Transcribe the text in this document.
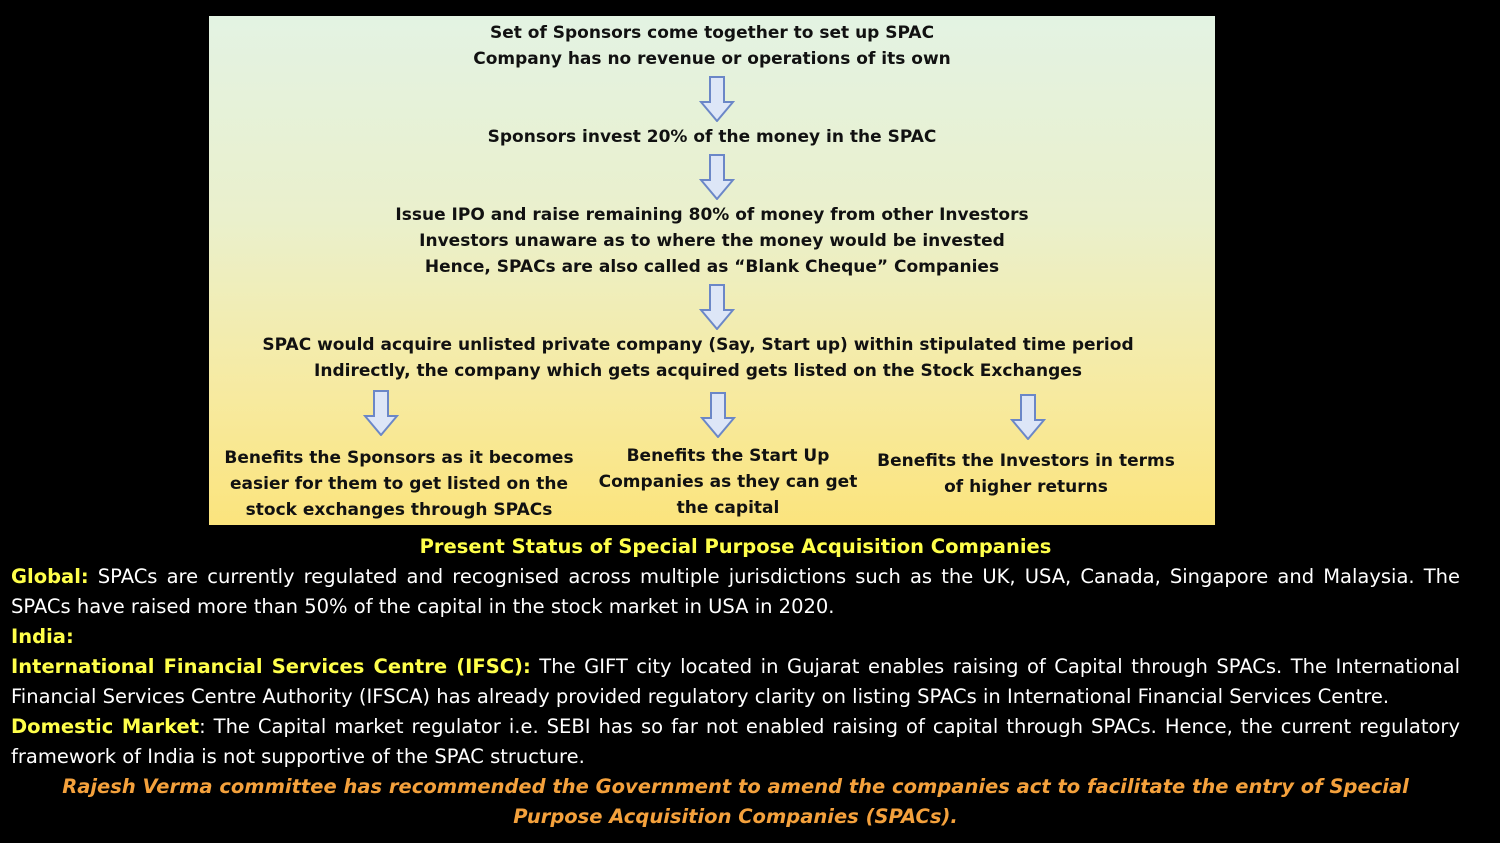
Set of Sponsors come together to set up SPAC
Company has no revenue or operations of its own
Sponsors invest 20% of the money in the SPAC
Issue IPO and raise remaining 80% of money from other Investors
Investors unaware as to where the money would be invested
Hence, SPACs are also called as “Blank Cheque” Companies
SPAC would acquire unlisted private company (Say, Start up) within stipulated time period
Indirectly, the company which gets acquired gets listed on the Stock Exchanges
Benefits the Sponsors as it becomes
easier for them to get listed on the
stock exchanges through SPACs
Benefits the Start Up
Companies as they can get
the capital
Benefits the Investors in terms
of higher returns

Present Status of Special Purpose Acquisition Companies

Global: SPACs are currently regulated and recognised across multiple jurisdictions such as the UK, USA, Canada, Singapore and Malaysia. The SPACs have raised more than 50% of the capital in the stock market in USA in 2020.

India:

International Financial Services Centre (IFSC): The GIFT city located in Gujarat enables raising of Capital through SPACs. The International Financial Services Centre Authority (IFSCA) has already provided regulatory clarity on listing SPACs in International Financial Services Centre.

Domestic Market: The Capital market regulator i.e. SEBI has so far not enabled raising of capital through SPACs. Hence, the current regulatory framework of India is not supportive of the SPAC structure.

Rajesh Verma committee has recommended the Government to amend the companies act to facilitate the entry of Special Purpose Acquisition Companies (SPACs).
